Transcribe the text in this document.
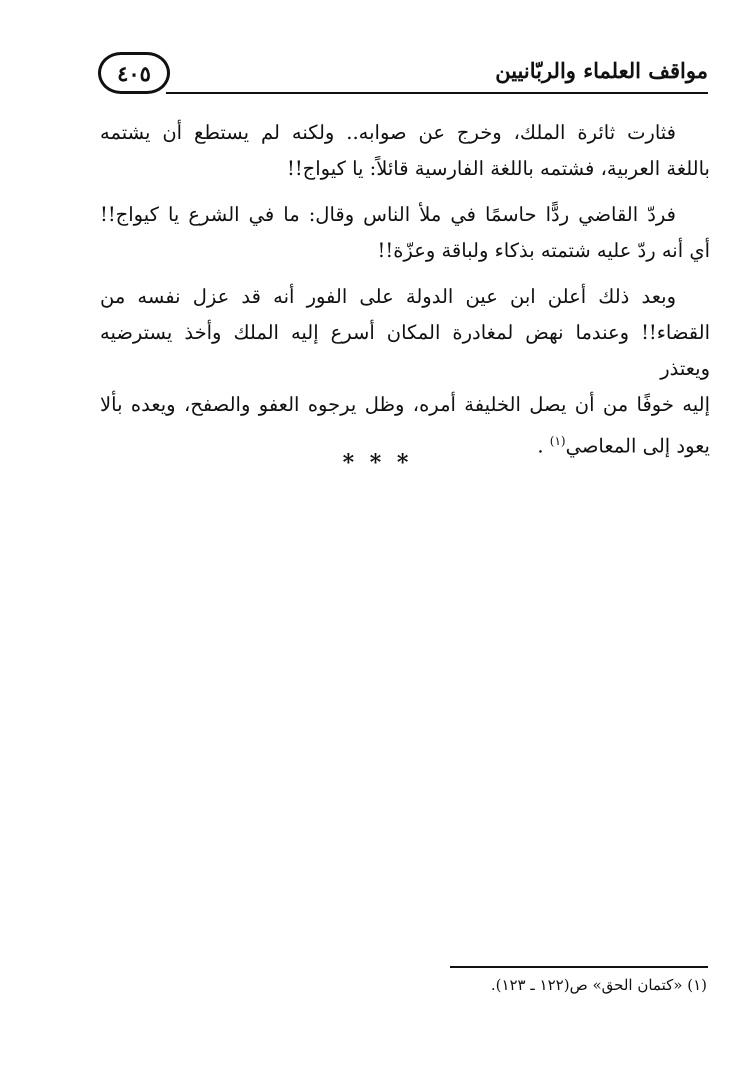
٤٠٥	مواقف العلماء والربّانيين

فثارت ثائرة الملك، وخرج عن صوابه.. ولكنه لم يستطع أن يشتمه
باللغة العربية، فشتمه باللغة الفارسية قائلاً: يا كيواج!!

فردّ القاضي ردًّا حاسمًا في ملأ الناس وقال: ما في الشرع يا كيواج!!
أي أنه ردّ عليه شتمته بذكاء ولباقة وعزّة!!

وبعد ذلك أعلن ابن عين الدولة على الفور أنه قد عزل نفسه من
القضاء!! وعندما نهض لمغادرة المكان أسرع إليه الملك وأخذ يسترضيه ويعتذر
إليه خوفًا من أن يصل الخليفة أمره، وظل يرجوه العفو والصفح، ويعده بألا
يعود إلى المعاصي$^{(١)}$ .

* * *
(١) «كتمان الحق» ص(١٢٢ ـ ١٢٣).
